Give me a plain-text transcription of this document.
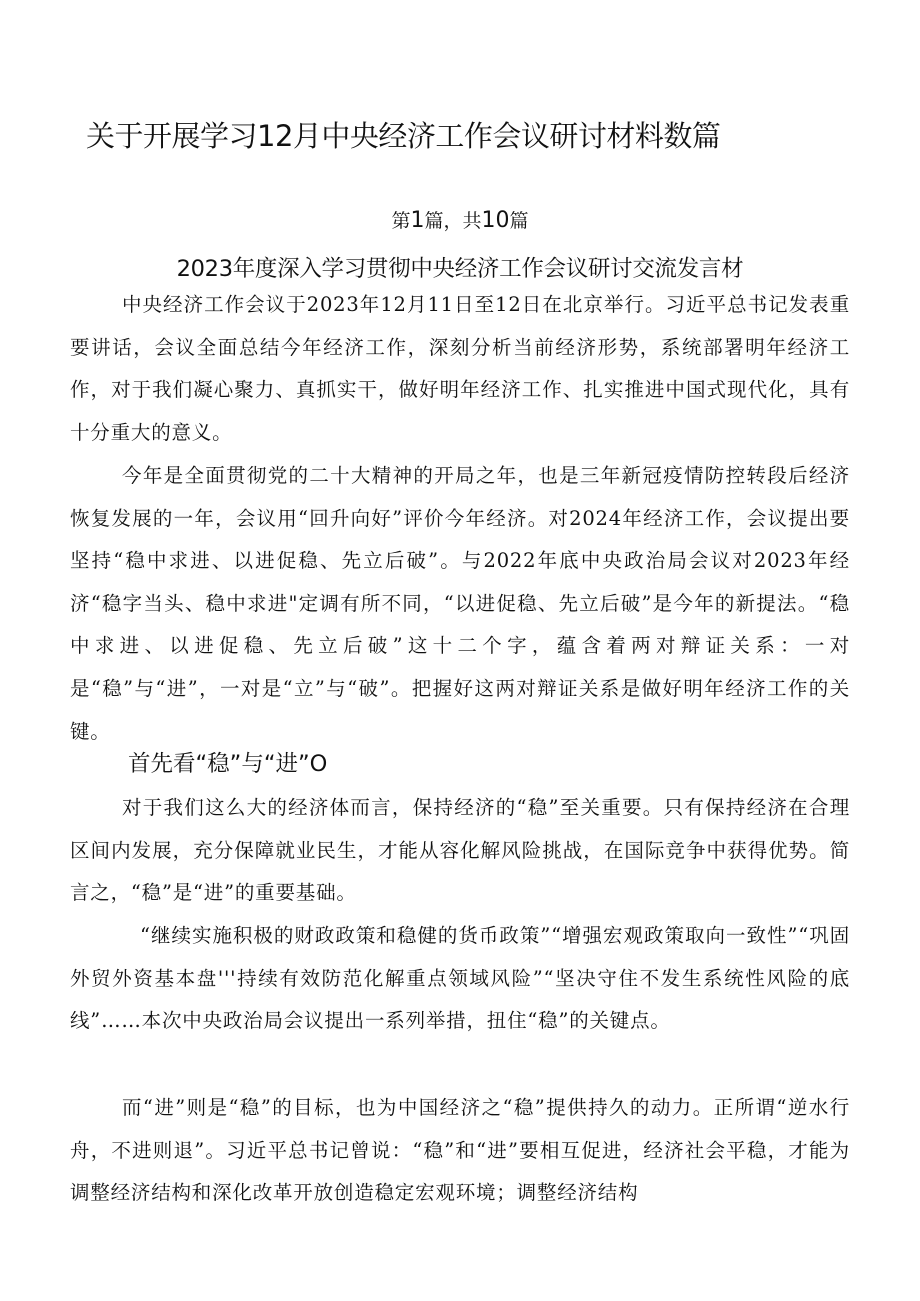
关于开展学习12月中央经济工作会议研讨材料数篇
第1篇，共10篇
2023年度深入学习贯彻中央经济工作会议研讨交流发言材

中央经济工作会议于2023年12月11日至12日在北京举行。习近平总书记发表重要讲话，会议全面总结今年经济工作，深刻分析当前经济形势，系统部署明年经济工作，对于我们凝心聚力、真抓实干，做好明年经济工作、扎实推进中国式现代化，具有十分重大的意义。

今年是全面贯彻党的二十大精神的开局之年，也是三年新冠疫情防控转段后经济恢复发展的一年，会议用“回升向好”评价今年经济。对2024年经济工作，会议提出要坚持“稳中求进、以进促稳、先立后破”。与2022年底中央政治局会议对2023年经济“稳字当头、稳中求进"定调有所不同，“以进促稳、先立后破”是今年的新提法。“稳中求进、以进促稳、先立后破”这十二个字，蕴含着两对辩证关系：一对是“稳”与“进”，一对是“立”与“破”。把握好这两对辩证关系是做好明年经济工作的关键。

首先看“稳”与“进”O

对于我们这么大的经济体而言，保持经济的“稳”至关重要。只有保持经济在合理区间内发展，充分保障就业民生，才能从容化解风险挑战，在国际竞争中获得优势。简言之，“稳”是“进”的重要基础。

“继续实施积极的财政政策和稳健的货币政策”“增强宏观政策取向一致性”“巩固外贸外资基本盘'''持续有效防范化解重点领域风险”“坚决守住不发生系统性风险的底线”……本次中央政治局会议提出一系列举措，扭住“稳”的关键点。

而“进”则是“稳”的目标，也为中国经济之“稳”提供持久的动力。正所谓“逆水行舟，不进则退”。习近平总书记曾说：“稳”和“进”要相互促进，经济社会平稳，才能为调整经济结构和深化改革开放创造稳定宏观环境；调整经济结构
